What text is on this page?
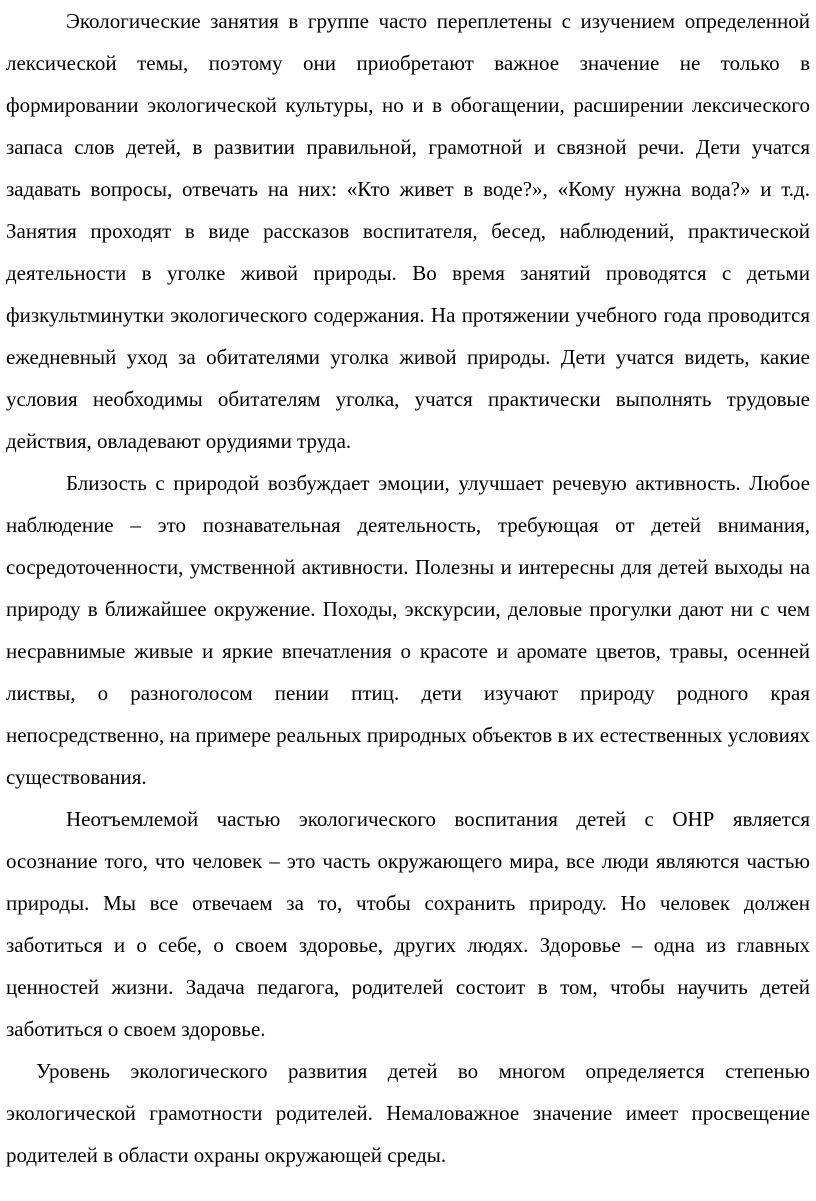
Экологические занятия в группе часто переплетены с изучением определенной лексической темы, поэтому они приобретают важное значение не только в формировании экологической культуры, но и в обогащении, расширении лексического запаса слов детей, в развитии правильной, грамотной и связной речи. Дети учатся задавать вопросы, отвечать на них: «Кто живет в воде?», «Кому нужна вода?» и т.д. Занятия проходят в виде рассказов воспитателя, бесед, наблюдений, практической деятельности в уголке живой природы. Во время занятий проводятся с детьми физкультминутки экологического содержания. На протяжении учебного года проводится ежедневный уход за обитателями уголка живой природы. Дети учатся видеть, какие условия необходимы обитателям уголка, учатся практически выполнять трудовые действия, овладевают орудиями труда.

Близость с природой возбуждает эмоции, улучшает речевую активность. Любое наблюдение – это познавательная деятельность, требующая от детей внимания, сосредоточенности, умственной активности. Полезны и интересны для детей выходы на природу в ближайшее окружение. Походы, экскурсии, деловые прогулки дают ни с чем несравнимые живые и яркие впечатления о красоте и аромате цветов, травы, осенней листвы, о разноголосом пении птиц. дети изучают природу родного края непосредственно, на примере реальных природных объектов в их естественных условиях существования.

Неотъемлемой частью экологического воспитания детей с ОНР является осознание того, что человек – это часть окружающего мира, все люди являются частью природы. Мы все отвечаем за то, чтобы сохранить природу. Но человек должен заботиться и о себе, о своем здоровье, других людях. Здоровье – одна из главных ценностей жизни. Задача педагога, родителей состоит в том, чтобы научить детей заботиться о своем здоровье.

Уровень экологического развития детей во многом определяется степенью экологической грамотности родителей. Немаловажное значение имеет просвещение родителей в области охраны окружающей среды.
